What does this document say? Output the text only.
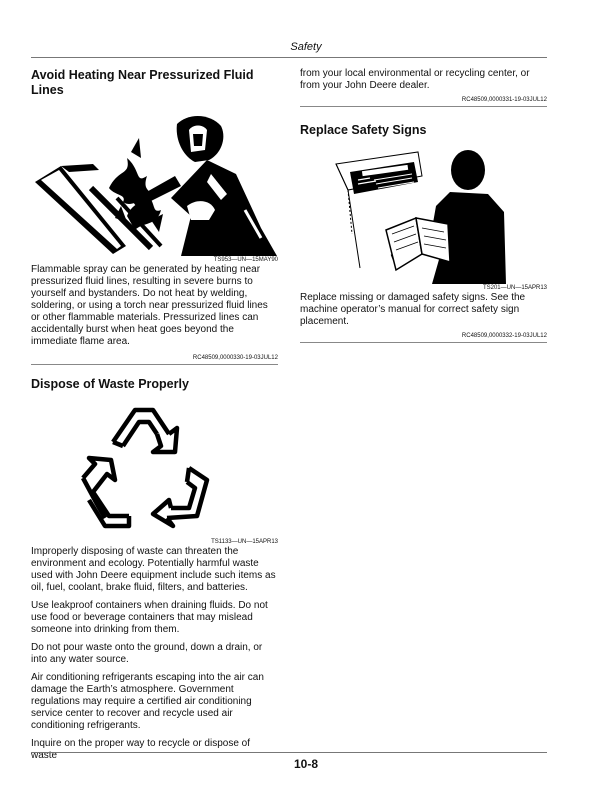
Safety
Avoid Heating Near Pressurized Fluid Lines
TS953—UN—15MAY90

Flammable spray can be generated by heating near pressurized fluid lines, resulting in severe burns to yourself and bystanders. Do not heat by welding, soldering, or using a torch near pressurized fluid lines or other flammable materials. Pressurized lines can accidentally burst when heat goes beyond the immediate flame area.

RC48509,0000330-19-03JUL12
Dispose of Waste Properly
TS1133—UN—15APR13

Improperly disposing of waste can threaten the environment and ecology. Potentially harmful waste used with John Deere equipment include such items as oil, fuel, coolant, brake fluid, filters, and batteries.

Use leakproof containers when draining fluids. Do not use food or beverage containers that may mislead someone into drinking from them.

Do not pour waste onto the ground, down a drain, or into any water source.

Air conditioning refrigerants escaping into the air can damage the Earth’s atmosphere. Government regulations may require a certified air conditioning service center to recover and recycle used air conditioning refrigerants.

Inquire on the proper way to recycle or dispose of waste

from your local environmental or recycling center, or from your John Deere dealer.

RC48509,0000331-19-03JUL12
Replace Safety Signs
TS201—UN—15APR13

Replace missing or damaged safety signs. See the machine operator’s manual for correct safety sign placement.

RC48509,0000332-19-03JUL12
10-8
